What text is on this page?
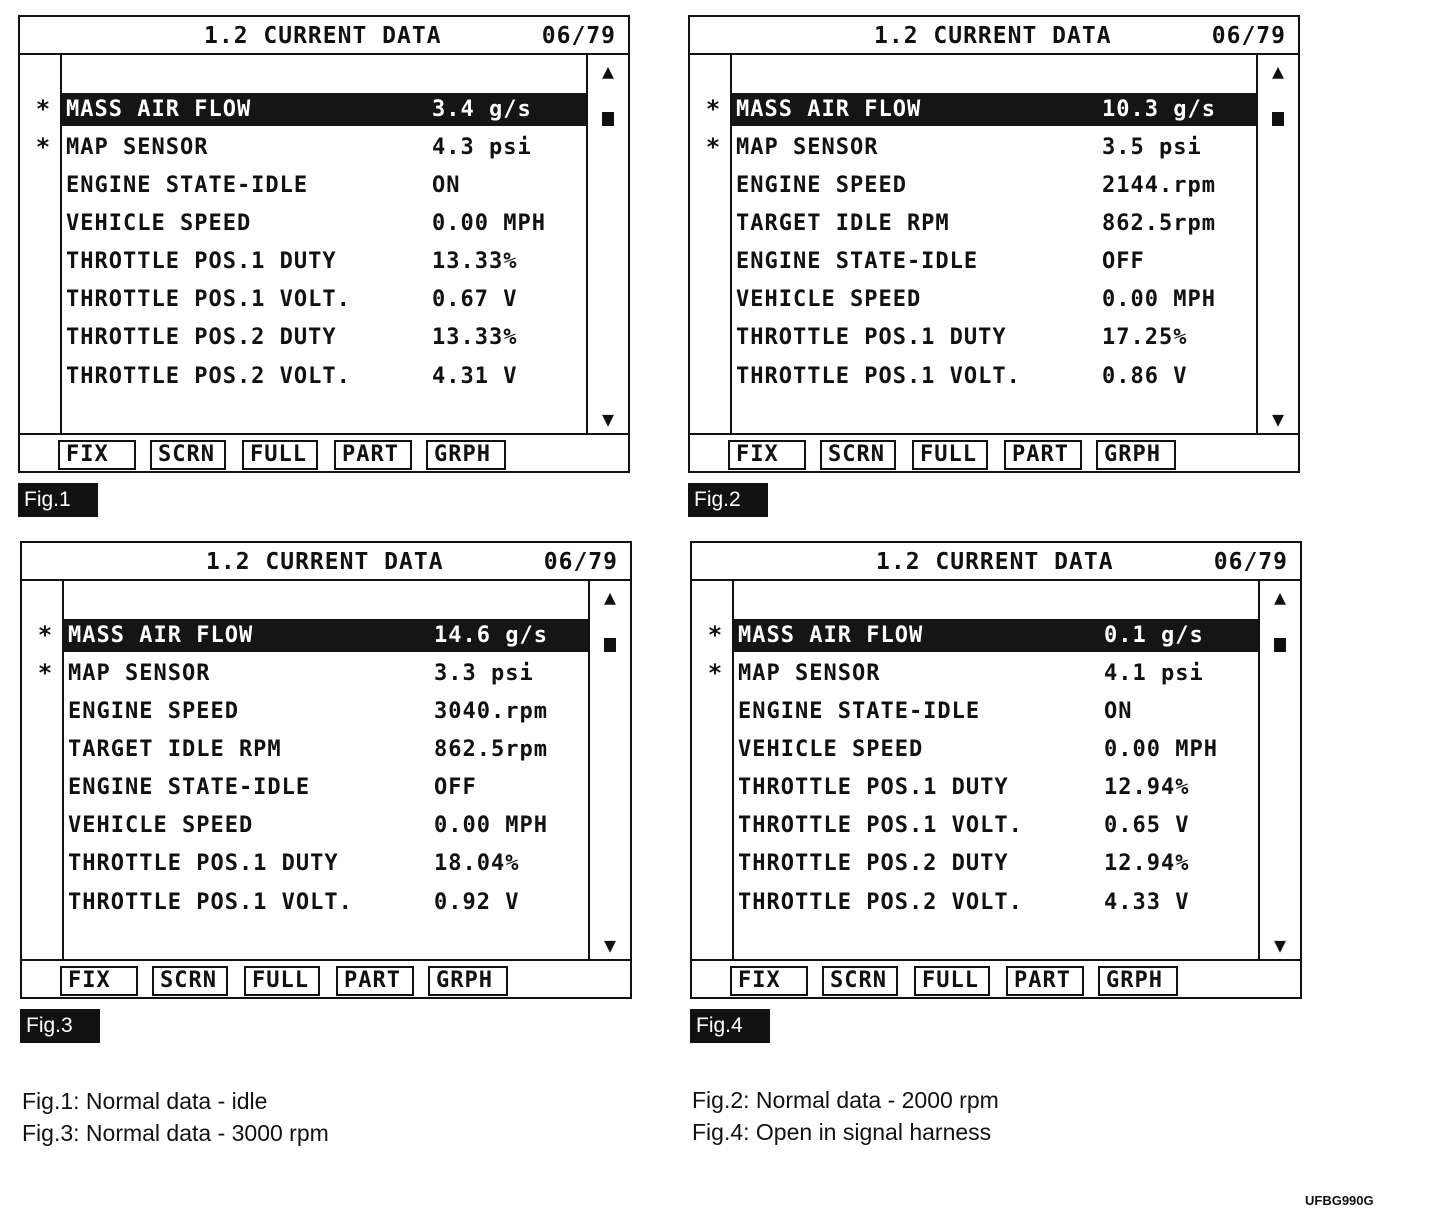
1.2 CURRENT DATA	06/79
*
*
MASS AIR FLOW	3.4 g/s
MAP SENSOR	4.3 psi
ENGINE STATE-IDLE	ON
VEHICLE SPEED	0.00 MPH
THROTTLE POS.1 DUTY	13.33%
THROTTLE POS.1 VOLT.	0.67 V
THROTTLE POS.2 DUTY	13.33%
THROTTLE POS.2 VOLT.	4.31 V
▲
▼
FIX	SCRN	FULL	PART	GRPH
Fig.1
1.2 CURRENT DATA	06/79
*
*
MASS AIR FLOW	10.3 g/s
MAP SENSOR	3.5 psi
ENGINE SPEED	2144.rpm
TARGET IDLE RPM	862.5rpm
ENGINE STATE-IDLE	OFF
VEHICLE SPEED	0.00 MPH
THROTTLE POS.1 DUTY	17.25%
THROTTLE POS.1 VOLT.	0.86 V
▲
▼
FIX	SCRN	FULL	PART	GRPH
Fig.2
1.2 CURRENT DATA	06/79
*
*
MASS AIR FLOW	14.6 g/s
MAP SENSOR	3.3 psi
ENGINE SPEED	3040.rpm
TARGET IDLE RPM	862.5rpm
ENGINE STATE-IDLE	OFF
VEHICLE SPEED	0.00 MPH
THROTTLE POS.1 DUTY	18.04%
THROTTLE POS.1 VOLT.	0.92 V
▲
▼
FIX	SCRN	FULL	PART	GRPH
Fig.3
1.2 CURRENT DATA	06/79
*
*
MASS AIR FLOW	0.1 g/s
MAP SENSOR	4.1 psi
ENGINE STATE-IDLE	ON
VEHICLE SPEED	0.00 MPH
THROTTLE POS.1 DUTY	12.94%
THROTTLE POS.1 VOLT.	0.65 V
THROTTLE POS.2 DUTY	12.94%
THROTTLE POS.2 VOLT.	4.33 V
▲
▼
FIX	SCRN	FULL	PART	GRPH
Fig.4
Fig.1: Normal data - idle	Fig.2: Normal data - 2000 rpm
Fig.3: Normal data - 3000 rpm	Fig.4: Open in signal harness
UFBG990G
